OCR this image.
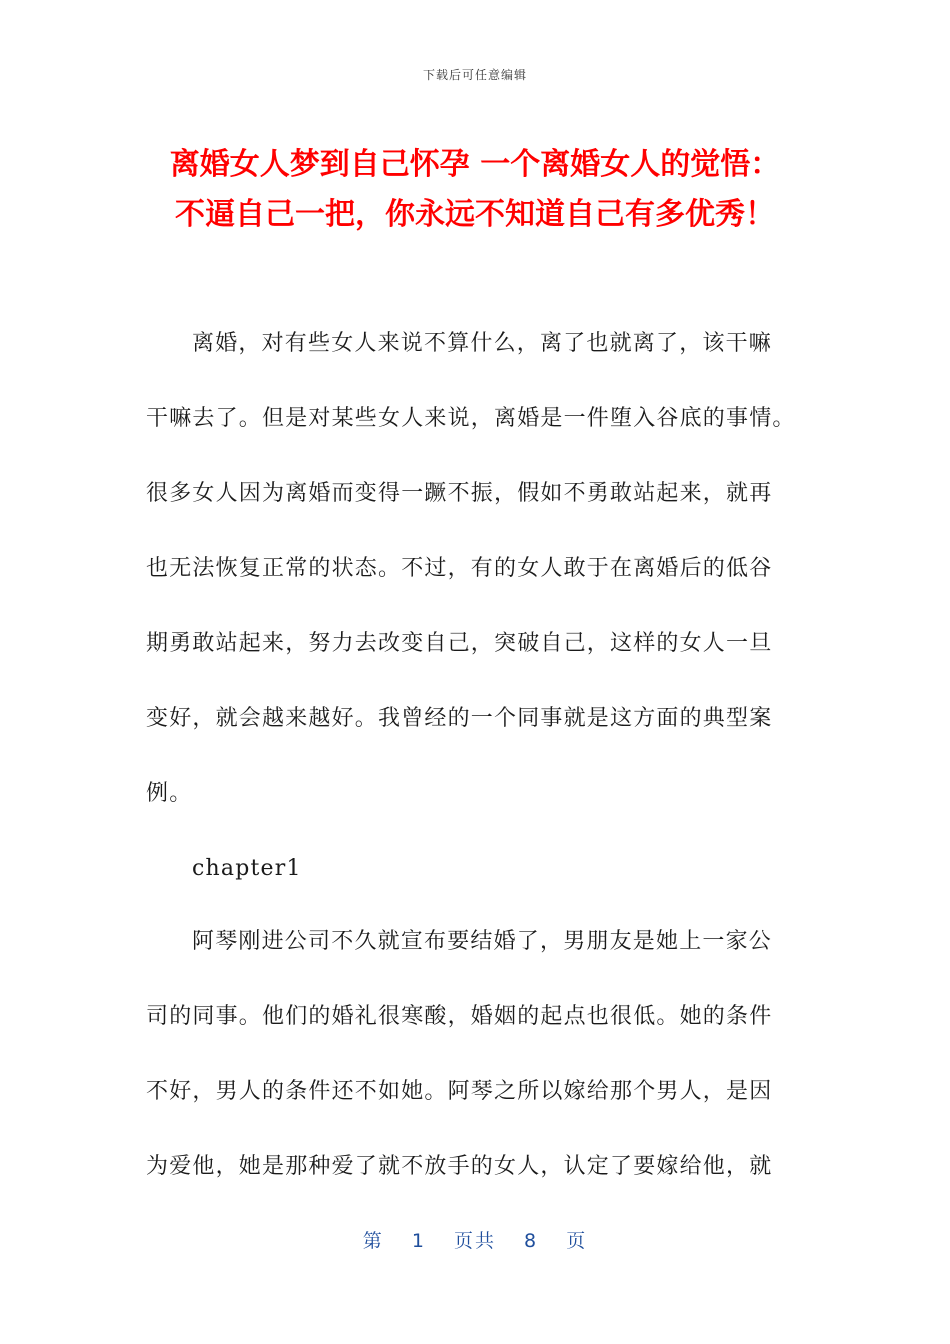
下载后可任意编辑
离婚女人梦到自己怀孕 一个离婚女人的觉悟：
不逼自己一把，你永远不知道自己有多优秀！
离婚，对有些女人来说不算什么，离了也就离了，该干嘛
干嘛去了。但是对某些女人来说，离婚是一件堕入谷底的事情。
很多女人因为离婚而变得一蹶不振，假如不勇敢站起来，就再
也无法恢复正常的状态。不过，有的女人敢于在离婚后的低谷
期勇敢站起来，努力去改变自己，突破自己，这样的女人一旦
变好，就会越来越好。我曾经的一个同事就是这方面的典型案
例。
chapter1
阿琴刚进公司不久就宣布要结婚了，男朋友是她上一家公
司的同事。他们的婚礼很寒酸，婚姻的起点也很低。她的条件
不好，男人的条件还不如她。阿琴之所以嫁给那个男人，是因
为爱他，她是那种爱了就不放手的女人，认定了要嫁给他，就
第 1 页共 8 页
